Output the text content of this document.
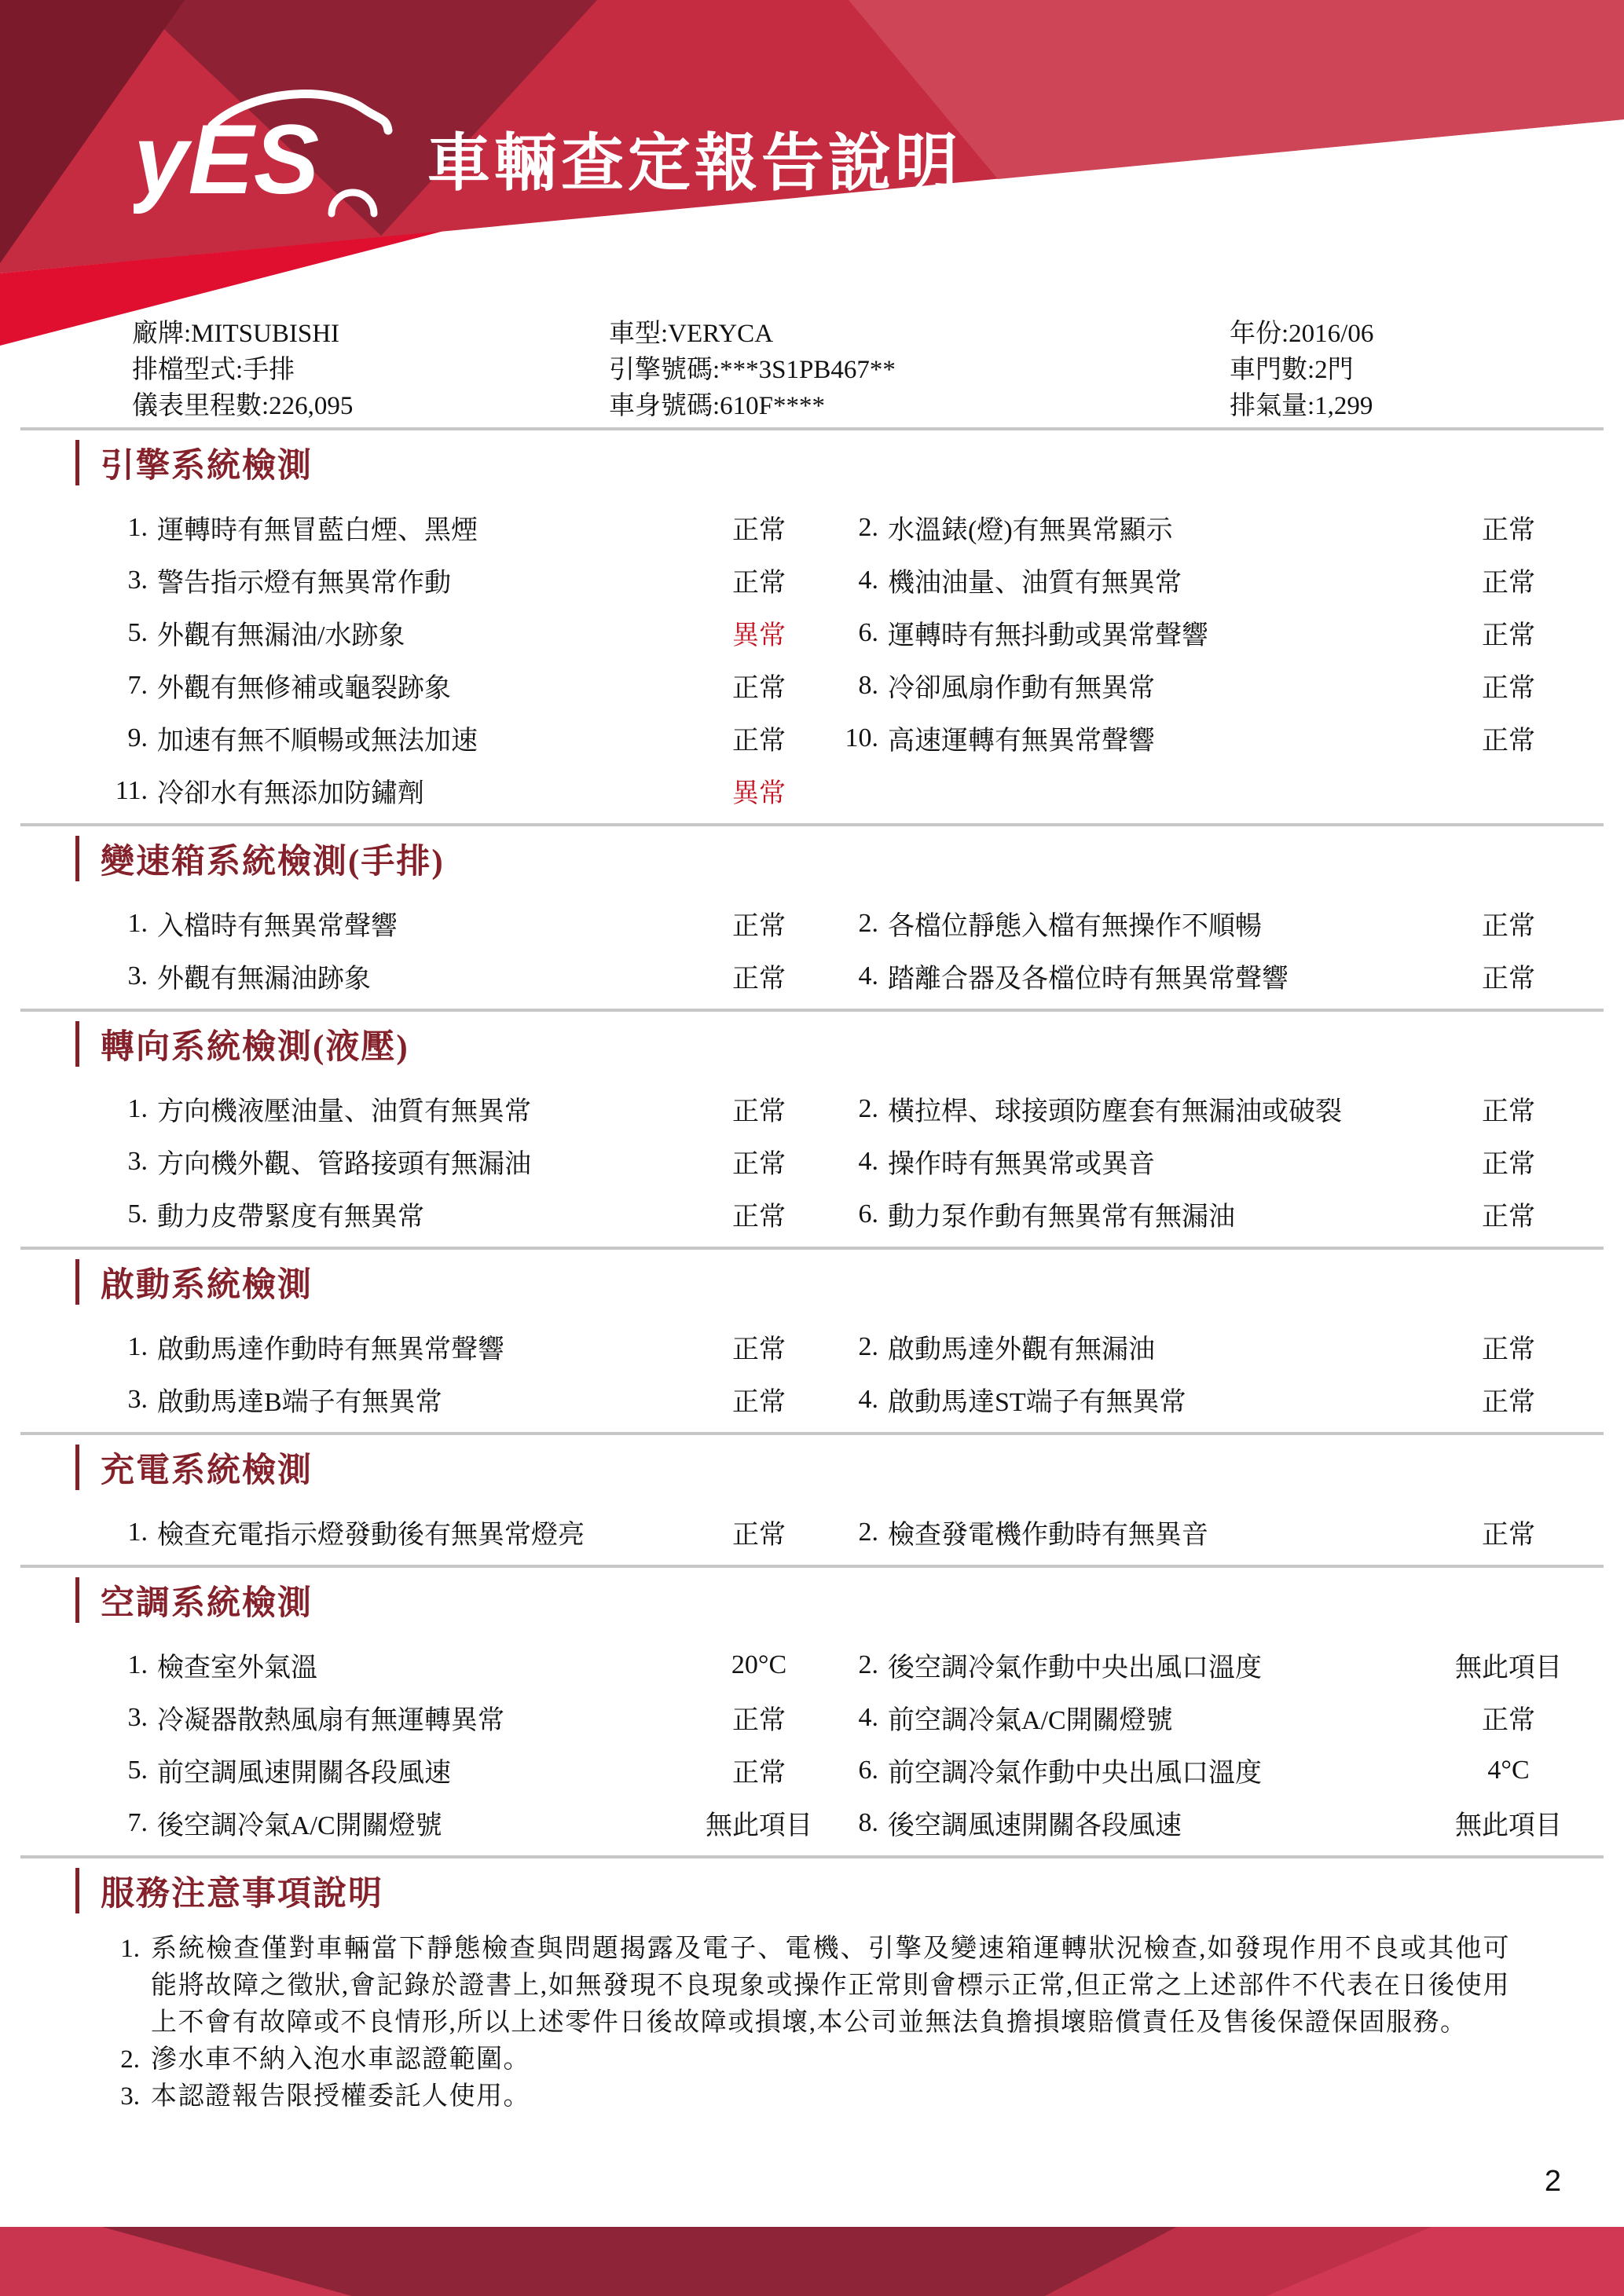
yES 車輛查定報告說明
廠牌:MITSUBISHI	車型:VERYCA	年份:2016/06
排檔型式:手排	引擎號碼:***3S1PB467**	車門數:2門
儀表里程數:226,095	車身號碼:610F****	排氣量:1,299
引擎系統檢測
1. 運轉時有無冒藍白煙、黑煙	正常	2. 水溫錶(燈)有無異常顯示	正常
3. 警告指示燈有無異常作動	正常	4. 機油油量、油質有無異常	正常
5. 外觀有無漏油/水跡象	異常	6. 運轉時有無抖動或異常聲響	正常
7. 外觀有無修補或龜裂跡象	正常	8. 冷卻風扇作動有無異常	正常
9. 加速有無不順暢或無法加速	正常	10. 高速運轉有無異常聲響	正常
11. 冷卻水有無添加防鏽劑	異常
變速箱系統檢測(手排)
1. 入檔時有無異常聲響	正常	2. 各檔位靜態入檔有無操作不順暢	正常
3. 外觀有無漏油跡象	正常	4. 踏離合器及各檔位時有無異常聲響	正常
轉向系統檢測(液壓)
1. 方向機液壓油量、油質有無異常	正常	2. 橫拉桿、球接頭防塵套有無漏油或破裂	正常
3. 方向機外觀、管路接頭有無漏油	正常	4. 操作時有無異常或異音	正常
5. 動力皮帶緊度有無異常	正常	6. 動力泵作動有無異常有無漏油	正常
啟動系統檢測
1. 啟動馬達作動時有無異常聲響	正常	2. 啟動馬達外觀有無漏油	正常
3. 啟動馬達B端子有無異常	正常	4. 啟動馬達ST端子有無異常	正常
充電系統檢測
1. 檢查充電指示燈發動後有無異常燈亮	正常	2. 檢查發電機作動時有無異音	正常
空調系統檢測
1. 檢查室外氣溫	20°C	2. 後空調冷氣作動中央出風口溫度	無此項目
3. 冷凝器散熱風扇有無運轉異常	正常	4. 前空調冷氣A/C開關燈號	正常
5. 前空調風速開關各段風速	正常	6. 前空調冷氣作動中央出風口溫度	4°C
7. 後空調冷氣A/C開關燈號	無此項目	8. 後空調風速開關各段風速	無此項目
服務注意事項說明
1. 系統檢查僅對車輛當下靜態檢查與問題揭露及電子、電機、引擎及變速箱運轉狀況檢查,如發現作用不良或其他可能將故障之徵狀,會記錄於證書上,如無發現不良現象或操作正常則會標示正常,但正常之上述部件不代表在日後使用上不會有故障或不良情形,所以上述零件日後故障或損壞,本公司並無法負擔損壞賠償責任及售後保證保固服務。
2. 滲水車不納入泡水車認證範圍。
3. 本認證報告限授權委託人使用。
2
